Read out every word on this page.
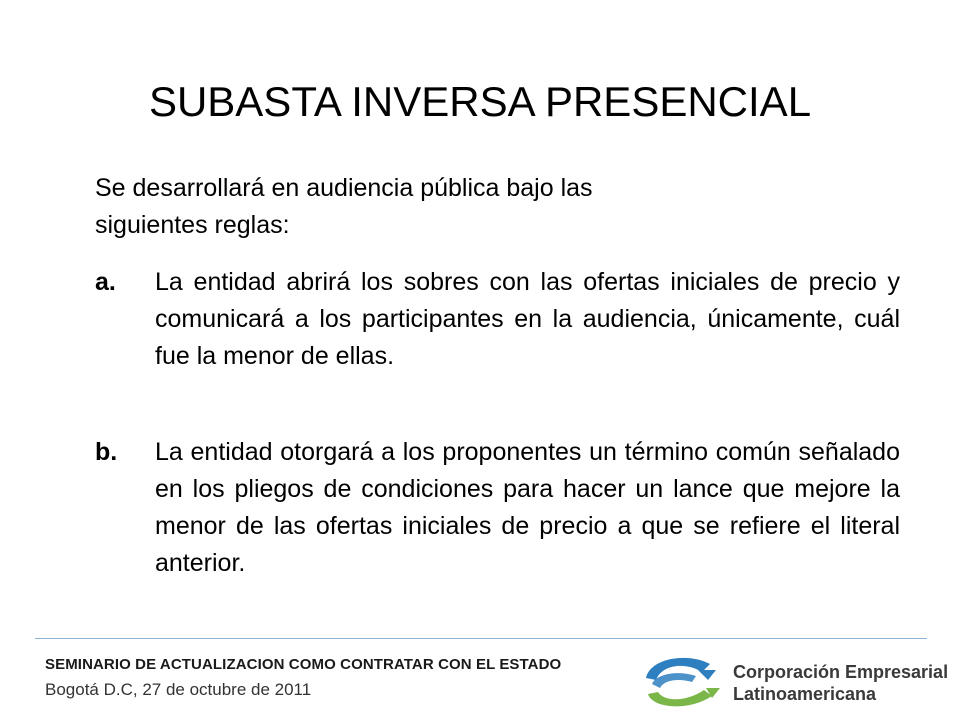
SUBASTA INVERSA PRESENCIAL
Se desarrollará en audiencia pública bajo las
siguientes reglas:
a. La entidad abrirá los sobres con las ofertas iniciales de precio y comunicará a los participantes en la audiencia, únicamente, cuál fue la menor de ellas.
b. La entidad otorgará a los proponentes un término común señalado en los pliegos de condiciones para hacer un lance que mejore la menor de las ofertas iniciales de precio a que se refiere el literal anterior.
SEMINARIO DE ACTUALIZACION COMO CONTRATAR CON EL ESTADO
Bogotá D.C, 27 de octubre de 2011
Corporación Empresarial
Latinoamericana
